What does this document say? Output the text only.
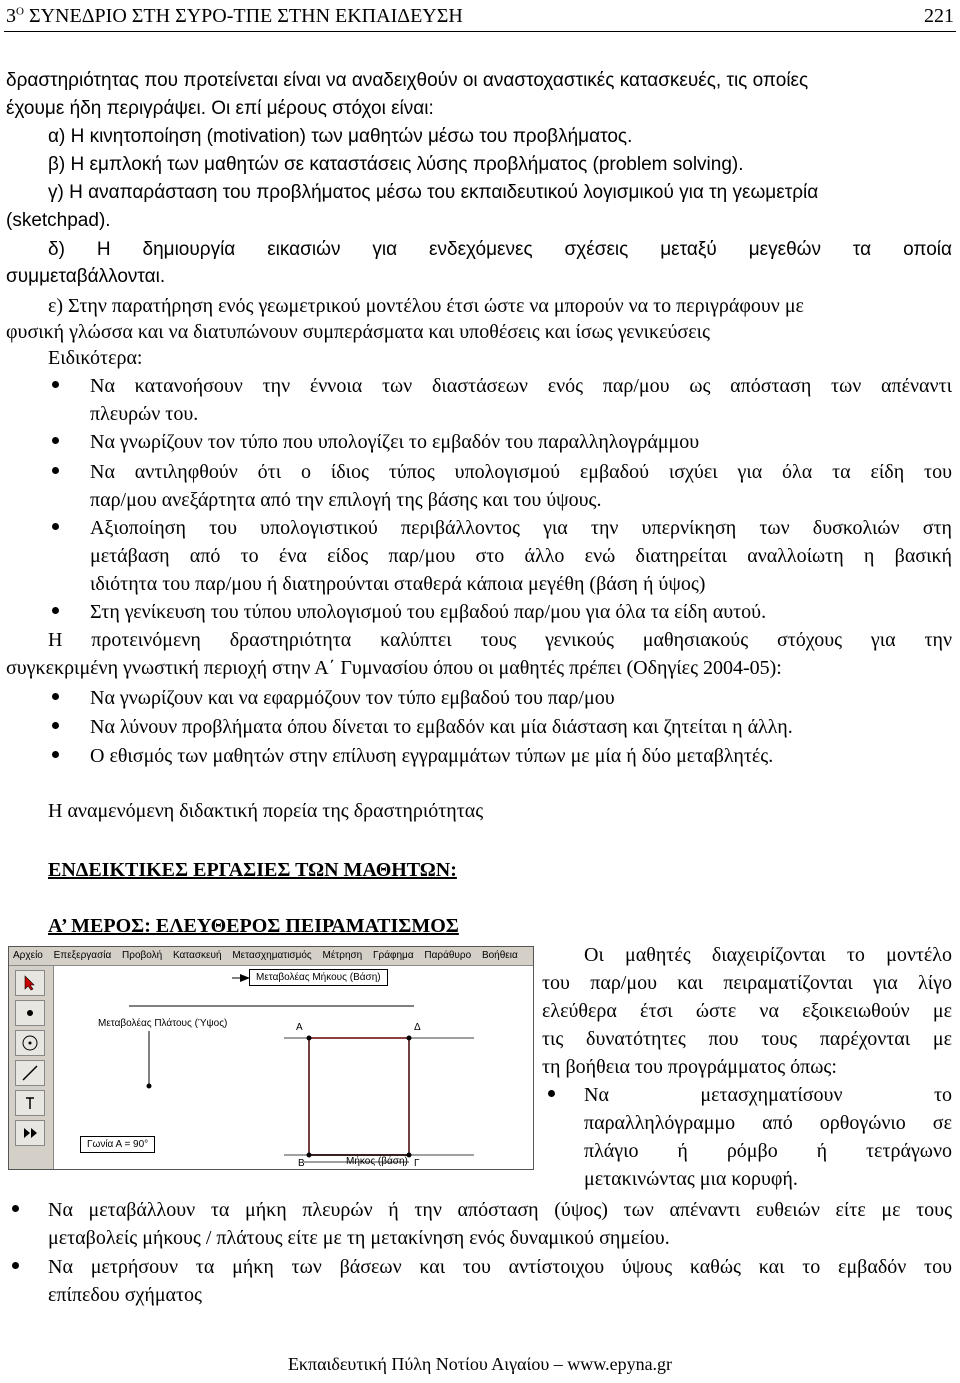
$3^O$ ΣΥΝΕΔΡΙΟ ΣΤΗ ΣΥΡΟ-ΤΠΕ ΣΤΗΝ ΕΚΠΑΙΔΕΥΣΗ	221
δραστηριότητας που προτείνεται είναι να αναδειχθούν οι αναστοχαστικές κατασκευές, τις οποίες
έχουμε ήδη περιγράψει. Οι επί μέρους στόχοι είναι:
α) Η κινητοποίηση (motivation) των μαθητών μέσω του προβλήματος.
β) Η εμπλοκή των μαθητών σε καταστάσεις λύσης προβλήματος (problem solving).
γ) Η αναπαράσταση του προβλήματος μέσω του εκπαιδευτικού λογισμικού για τη γεωμετρία
(sketchpad).
δ) Η δημιουργία εικασιών για ενδεχόμενες σχέσεις μεταξύ μεγεθών τα οποία
συμμεταβάλλονται.
ε) Στην παρατήρηση ενός γεωμετρικού μοντέλου έτσι ώστε να μπορούν να το περιγράφουν με
φυσική γλώσσα και να διατυπώνουν συμπεράσματα και υποθέσεις και ίσως γενικεύσεις
Ειδικότερα:
Να κατανοήσουν την έννοια των διαστάσεων ενός παρ/μου ως απόσταση των απέναντι
πλευρών του.
Να γνωρίζουν τον τύπο που υπολογίζει το εμβαδόν του παραλληλογράμμου
Να αντιληφθούν ότι ο ίδιος τύπος υπολογισμού εμβαδού ισχύει για όλα τα είδη του
παρ/μου ανεξάρτητα από την επιλογή της βάσης και του ύψους.
Αξιοποίηση του υπολογιστικού περιβάλλοντος για την υπερνίκηση των δυσκολιών στη
μετάβαση από το ένα είδος παρ/μου στο άλλο ενώ διατηρείται αναλλοίωτη η βασική
ιδιότητα του παρ/μου ή διατηρούνται σταθερά κάποια μεγέθη (βάση ή ύψος)
Στη γενίκευση του τύπου υπολογισμού του εμβαδού παρ/μου για όλα τα είδη αυτού.
Η προτεινόμενη δραστηριότητα καλύπτει τους γενικούς μαθησιακούς στόχους για την
συγκεκριμένη γνωστική περιοχή στην Α΄ Γυμνασίου όπου οι μαθητές πρέπει (Οδηγίες 2004-05):
Να γνωρίζουν και να εφαρμόζουν τον τύπο εμβαδού του παρ/μου
Να λύνουν προβλήματα όπου δίνεται το εμβαδόν και μία διάσταση και ζητείται η άλλη.
Ο εθισμός των μαθητών στην επίλυση εγγραμμάτων τύπων με μία ή δύο μεταβλητές.
Η αναμενόμενη διδακτική πορεία της δραστηριότητας
ΕΝΔΕΙΚΤΙΚΕΣ ΕΡΓΑΣΙΕΣ ΤΩΝ ΜΑΘΗΤΩΝ:
Α’ ΜΕΡΟΣ: ΕΛΕΥΘΕΡΟΣ ΠΕΙΡΑΜΑΤΙΣΜΟΣ
Οι μαθητές διαχειρίζονται το μοντέλο
του παρ/μου και πειραματίζονται για λίγο
ελεύθερα έτσι ώστε να εξοικειωθούν με
τις δυνατότητες που τους παρέχονται με
τη βοήθεια του προγράμματος όπως:
Να μετασχηματίσουν το
παραλληλόγραμμο από ορθογώνιο σε
πλάγιο ή ρόμβο ή τετράγωνο
μετακινώντας μια κορυφή.
Αρχείο Επεξεργασία Προβολή Κατασκευή Μετασχηματισμός Μέτρηση Γράφημα Παράθυρο Βοήθεια
Μεταβολέας Μήκους (Βάση)
Μεταβολέας Πλάτους (Ύψος)
Γωνία Α = 90°
Α	Δ
Β	Γ
Μήκος (βάση)
Να μεταβάλλουν τα μήκη πλευρών ή την απόσταση (ύψος) των απέναντι ευθειών είτε με τους
μεταβολείς μήκους / πλάτους είτε με τη μετακίνηση ενός δυναμικού σημείου.
Να μετρήσουν τα μήκη των βάσεων και του αντίστοιχου ύψους καθώς και το εμβαδόν του
επίπεδου σχήματος
Εκπαιδευτική Πύλη Νοτίου Αιγαίου – www.epyna.gr
